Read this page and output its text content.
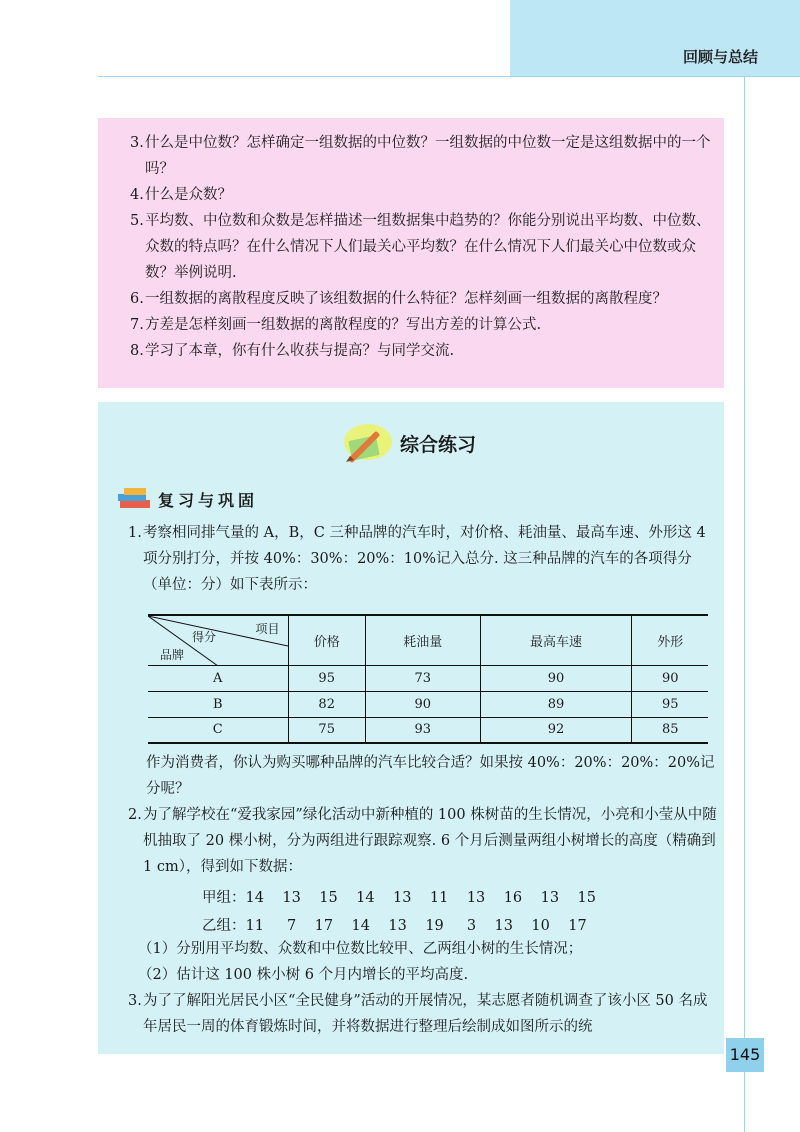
回顾与总结
3. 什么是中位数？怎样确定一组数据的中位数？一组数据的中位数一定是这组数据中的一个吗？
4. 什么是众数？
5. 平均数、中位数和众数是怎样描述一组数据集中趋势的？你能分别说出平均数、中位数、众数的特点吗？在什么情况下人们最关心平均数？在什么情况下人们最关心中位数或众数？举例说明.
6. 一组数据的离散程度反映了该组数据的什么特征？怎样刻画一组数据的离散程度？
7. 方差是怎样刻画一组数据的离散程度的？写出方差的计算公式.
8. 学习了本章，你有什么收获与提高？与同学交流.
综合练习
复习与巩固
1. 考察相同排气量的 A，B，C 三种品牌的汽车时，对价格、耗油量、最高车速、外形这 4 项分别打分，并按 40%：30%：20%：10%记入总分. 这三种品牌的汽车的各项得分（单位：分）如下表所示：
项目
得分
品牌	价格	耗油量	最高车速	外形
A	95	73	90	90
B	82	90	89	95
C	75	93	92	85
作为消费者，你认为购买哪种品牌的汽车比较合适？如果按 40%：20%：20%：20%记分呢？
2. 为了解学校在“爱我家园”绿化活动中新种植的 100 株树苗的生长情况，小亮和小莹从中随机抽取了 20 棵小树，分为两组进行跟踪观察. 6 个月后测量两组小树增长的高度（精确到 1 cm），得到如下数据：
甲组：14    13    15    14    13    11    13    16    13    15
乙组：11     7    17    14    13    19     3    13    10    17
（1）分别用平均数、众数和中位数比较甲、乙两组小树的生长情况；
（2）估计这 100 株小树 6 个月内增长的平均高度.
3. 为了了解阳光居民小区“全民健身”活动的开展情况，某志愿者随机调查了该小区 50 名成年居民一周的体育锻炼时间，并将数据进行整理后绘制成如图所示的统
145
